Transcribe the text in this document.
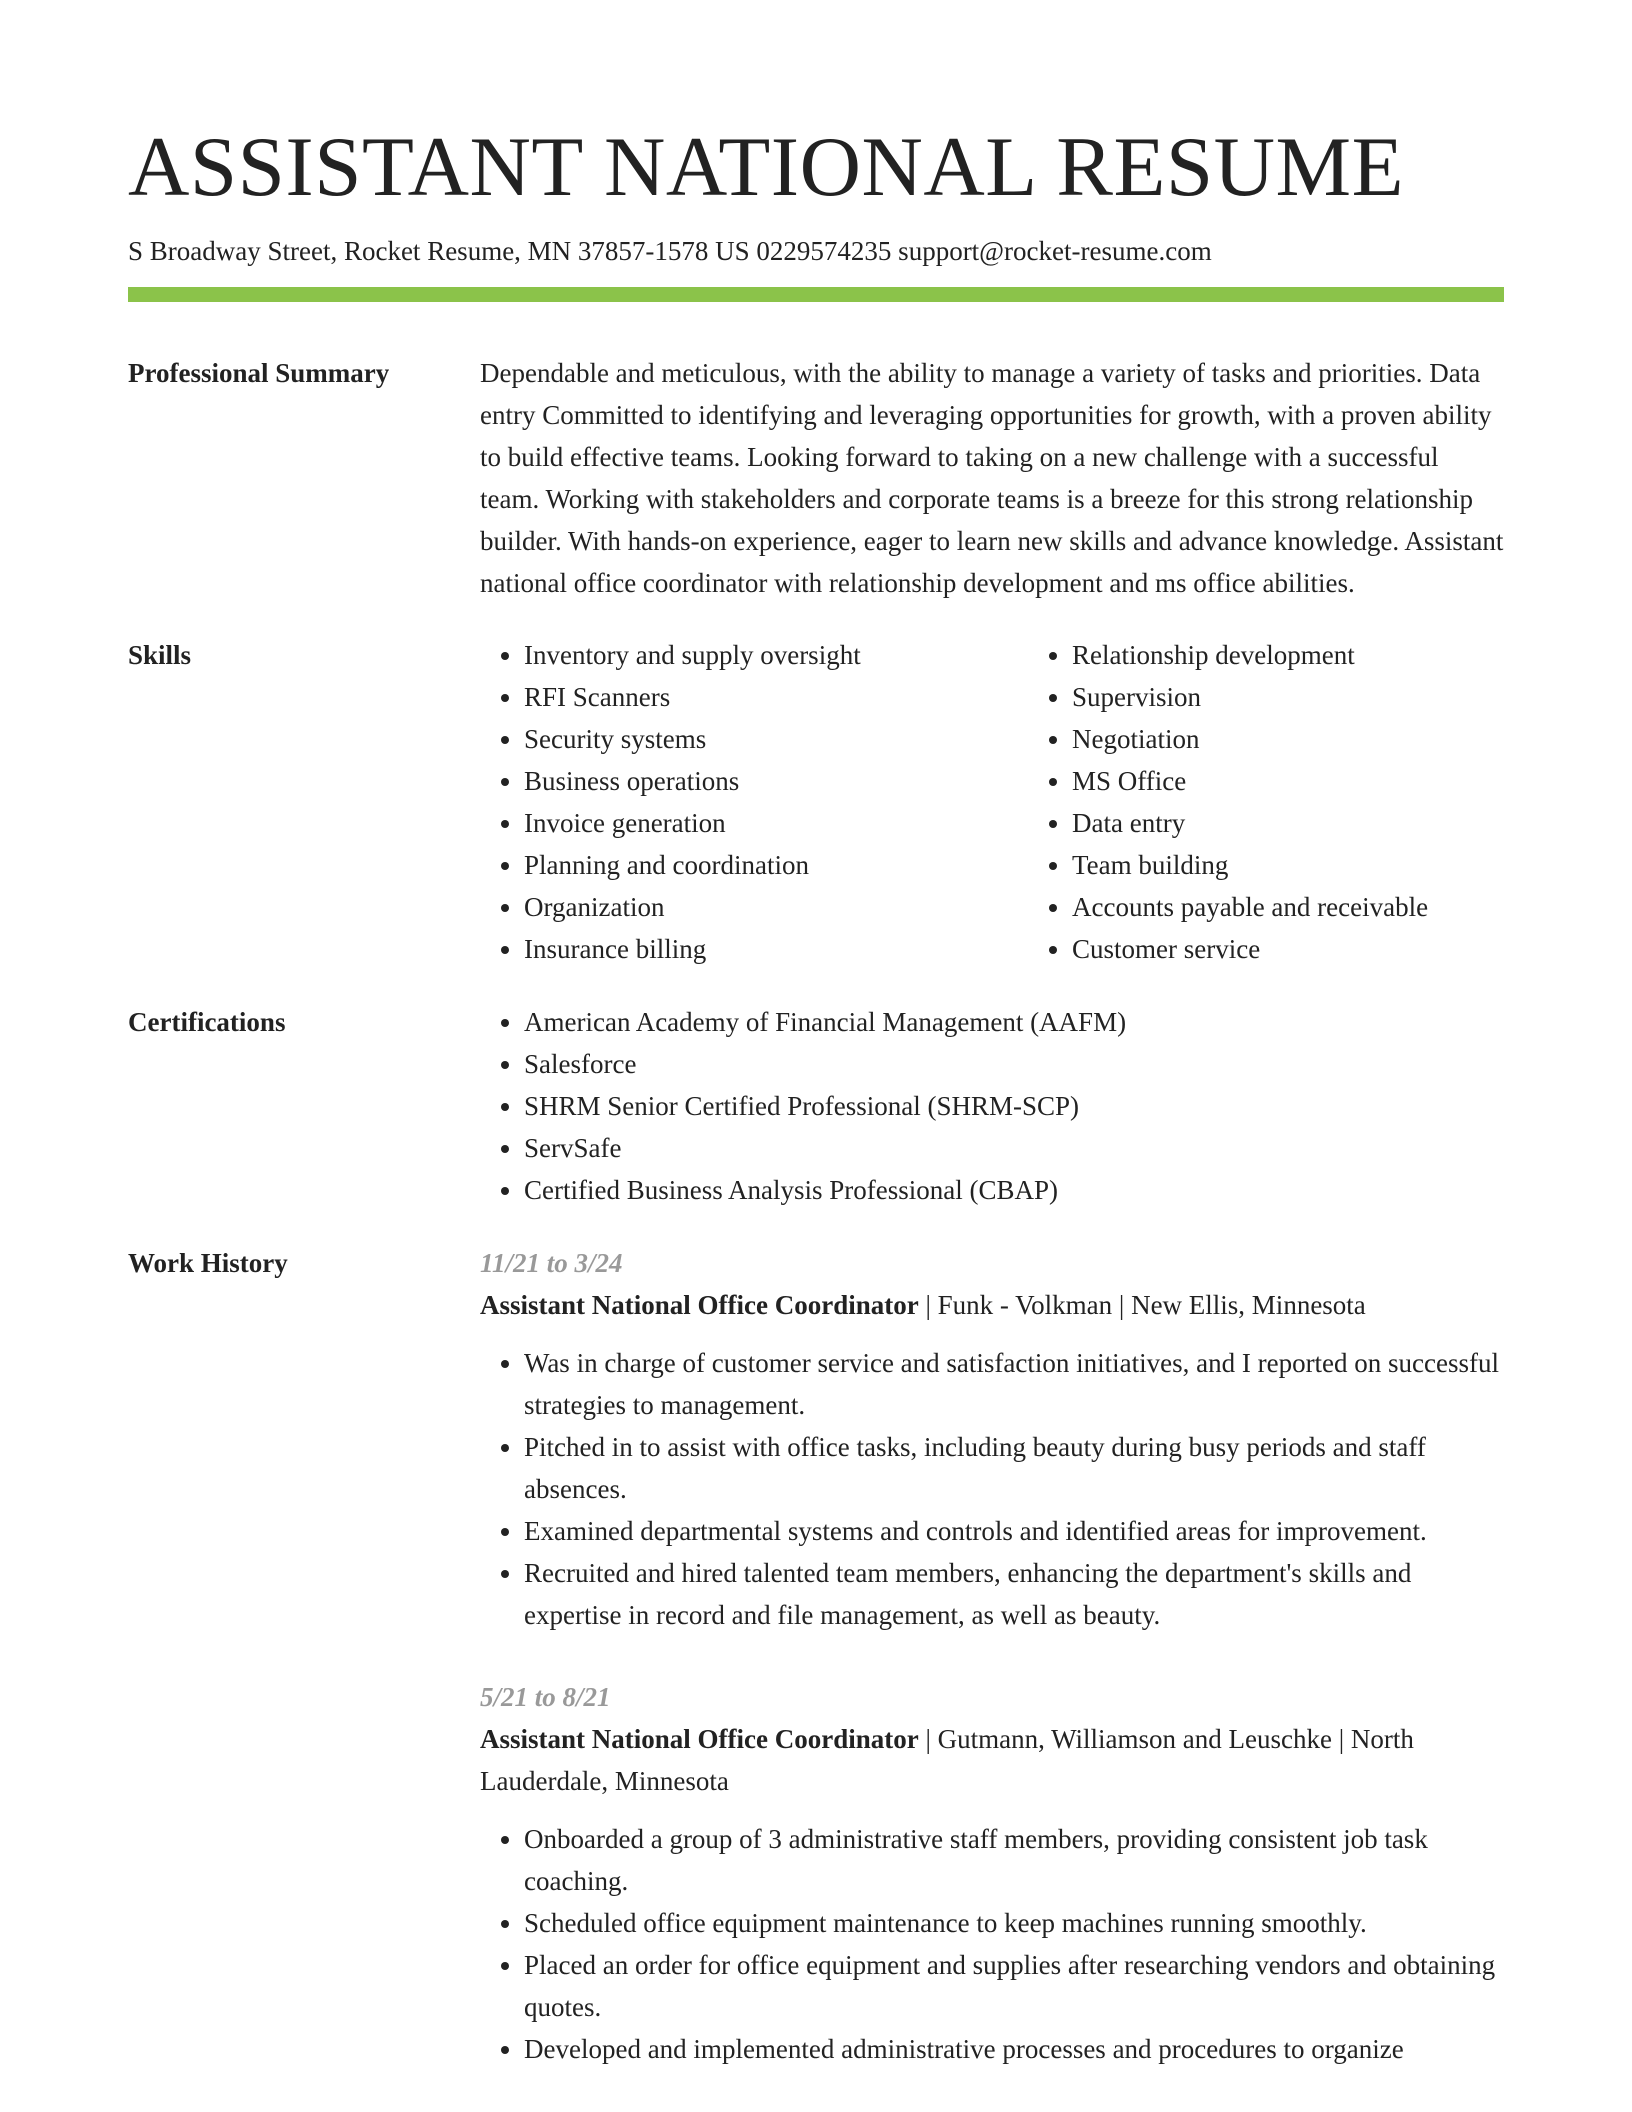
ASSISTANT NATIONAL RESUME
S Broadway Street, Rocket Resume, MN 37857-1578 US 0229574235 support@rocket-resume.com
Professional Summary	Dependable and meticulous, with the ability to manage a variety of tasks and priorities. Data entry Committed to identifying and leveraging opportunities for growth, with a proven ability to build effective teams. Looking forward to taking on a new challenge with a successful team. Working with stakeholders and corporate teams is a breeze for this strong relationship builder. With hands-on experience, eager to learn new skills and advance knowledge. Assistant national office coordinator with relationship development and ms office abilities.

Skills	• Inventory and supply oversight
• RFI Scanners
• Security systems
• Business operations
• Invoice generation
• Planning and coordination
• Organization
• Insurance billing
• Relationship development
• Supervision
• Negotiation
• MS Office
• Data entry
• Team building
• Accounts payable and receivable
• Customer service
Certifications	• American Academy of Financial Management (AAFM)
• Salesforce
• SHRM Senior Certified Professional (SHRM-SCP)
• ServSafe
• Certified Business Analysis Professional (CBAP)
Work History	11/21 to 3/24
Assistant National Office Coordinator | Funk - Volkman | New Ellis, Minnesota
• Was in charge of customer service and satisfaction initiatives, and I reported on successful strategies to management.
• Pitched in to assist with office tasks, including beauty during busy periods and staff absences.
• Examined departmental systems and controls and identified areas for improvement.
• Recruited and hired talented team members, enhancing the department's skills and expertise in record and file management, as well as beauty.
5/21 to 8/21
Assistant National Office Coordinator | Gutmann, Williamson and Leuschke | North Lauderdale, Minnesota
• Onboarded a group of 3 administrative staff members, providing consistent job task coaching.
• Scheduled office equipment maintenance to keep machines running smoothly.
• Placed an order for office equipment and supplies after researching vendors and obtaining quotes.
• Developed and implemented administrative processes and procedures to organize
